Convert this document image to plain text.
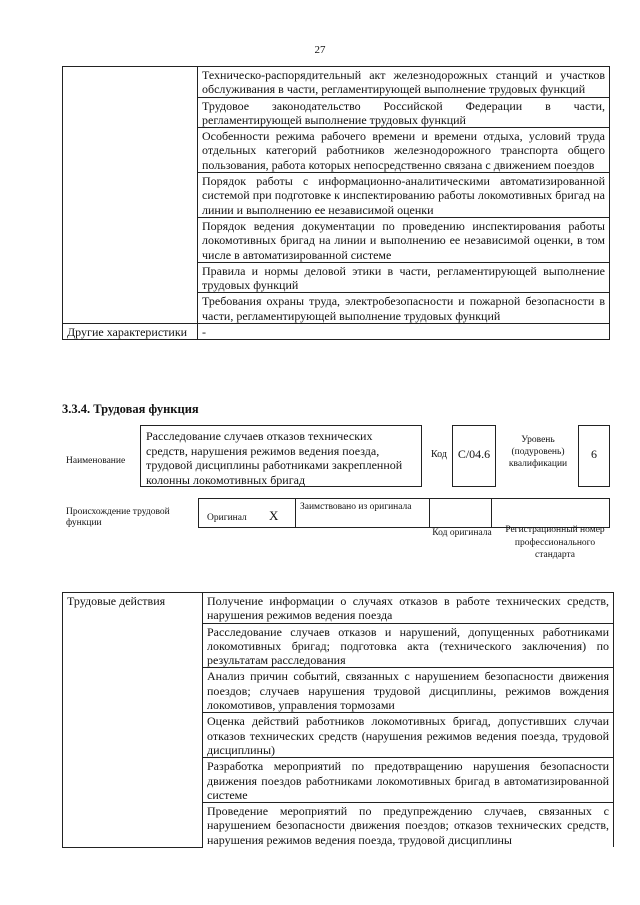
27
	Техническо-распорядительный акт железнодорожных станций и участков обслуживания в части, регламентирующей выполнение трудовых функций
	Трудовое законодательство Российской Федерации в части, регламентирующей выполнение трудовых функций
	Особенности режима рабочего времени и времени отдыха, условий труда отдельных категорий работников железнодорожного транспорта общего пользования, работа которых непосредственно связана с движением поездов
	Порядок работы с информационно-аналитическими автоматизированной системой при подготовке к инспектированию работы локомотивных бригад на линии и выполнению ее независимой оценки
	Порядок ведения документации по проведению инспектирования работы локомотивных бригад на линии и выполнению ее независимой оценки, в том числе в автоматизированной системе
	Правила и нормы деловой этики в части, регламентирующей выполнение трудовых функций
	Требования охраны труда, электробезопасности и пожарной безопасности в части, регламентирующей выполнение трудовых функций
Другие характеристики	-
3.3.4. Трудовая функция
Наименование
Расследование случаев отказов технических средств, нарушения режимов ведения поезда, трудовой дисциплины работниками закрепленной колонны локомотивных бригад
Код С/04.6
Уровень (подуровень) квалификации
6
Происхождение трудовой функции	Оригинал X
Заимствовано из оригинала
Код оригинала	Регистрационный номер профессионального стандарта
Трудовые действия	Получение информации о случаях отказов в работе технических средств, нарушения режимов ведения поезда
Расследование случаев отказов и нарушений, допущенных работниками локомотивных бригад; подготовка акта (технического заключения) по результатам расследования
Анализ причин событий, связанных с нарушением безопасности движения поездов; случаев нарушения трудовой дисциплины, режимов вождения локомотивов, управления тормозами
Оценка действий работников локомотивных бригад, допустивших случаи отказов технических средств (нарушения режимов ведения поезда, трудовой дисциплины)
Разработка мероприятий по предотвращению нарушения безопасности движения поездов работниками локомотивных бригад в автоматизированной системе
Проведение мероприятий по предупреждению случаев, связанных с нарушением безопасности движения поездов; отказов технических средств, нарушения режимов ведения поезда, трудовой дисциплины
